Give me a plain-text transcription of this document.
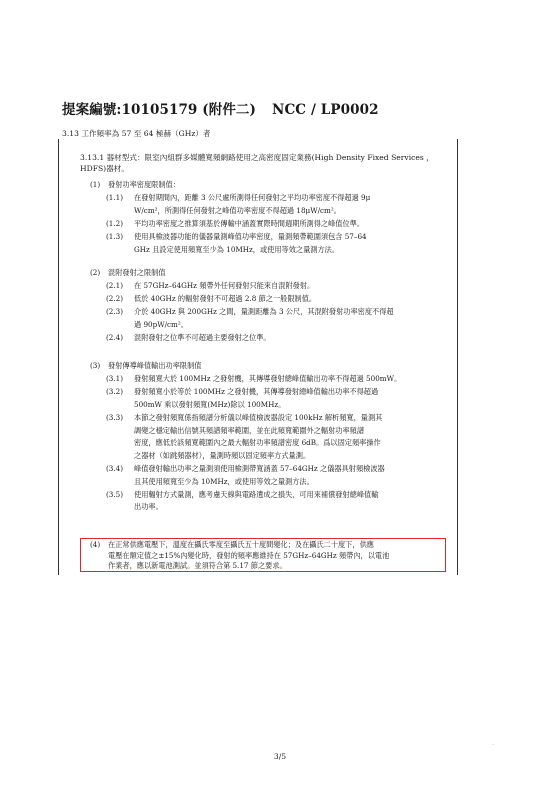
提案編號:10105179 (附件二) NCC / LP0002
3.13 工作頻率為 57 至 64 極赫（GHz）者
3.13.1 器材型式：限室內組群多媒體寬頻網路使用之高密度固定業務(High Density Fixed Services ，HDFS)器材。
(1) 發射功率密度限制值：
(1.1) 在發射期間內，距離 3 公尺處所測得任何發射之平均功率密度不得超過 9μ
W/cm²，所測得任何發射之峰值功率密度不得超過 18μW/cm²。
(1.2) 平均功率密度之推算須基於傳輸中涵蓋實際時間週期所測得之峰值位準。
(1.3) 使用具檢波器功能的儀器量測峰值功率密度，量測頻帶範圍須包含 57–64
GHz 且設定使用頻寬至少為 10MHz，或使用等效之量測方法。
(2) 混附發射之限制值
(2.1) 在 57GHz–64GHz 頻帶外任何發射只能來自混附發射。
(2.2) 低於 40GHz 的輻射發射不可超過 2.8 節之一般限制值。
(2.3) 介於 40GHz 與 200GHz 之間，量測距離為 3 公尺，其混附發射功率密度不得超
過 90pW/cm²。
(2.4) 混附發射之位準不可超過主要發射之位準。
(3) 發射傳導峰值輸出功率限制值
(3.1) 發射頻寬大於 100MHz 之發射機，其傳導發射總峰值輸出功率不得超過 500mW。
(3.2) 發射頻寬小於等於 100MHz 之發射機，其傳導發射總峰值輸出功率不得超過
500mW 乘以發射頻寬(MHz)除以 100MHz。
(3.3) 本節之發射頻寬係指頻譜分析儀以峰值檢波器設定 100kHz 解析頻寬，量測其
調變之穩定輸出信號其頻譜頻率範圍，並在此頻寬範圍外之輻射功率頻譜
密度，應低於該頻寬範圍內之最大輻射功率頻譜密度 6dB。爲以固定頻率操作
之器材（如跳頻器材），量測時頻以固定頻率方式量測。
(3.4) 峰值發射輸出功率之量測須使用檢測帶寬涵蓋 57–64GHz 之儀器具射頻檢波器
且其使用頻寬至少為 10MHz，或使用等效之量測方法。
(3.5) 使用輻射方式量測，應考慮天線與電路遺成之損失，可用來補償發射總峰值輸
出功率。
(4) 在正常供應電壓下，溫度在攝氏零度至攝氏五十度間變化；及在攝氏二十度下，供應
電壓在額定值之±15%內變化時，發射的頻率應維持在 57GHz–64GHz 頻帶內，以電池
作業者，應以新電池測試。並須符合第 5.17 節之要求。
3/5
·
